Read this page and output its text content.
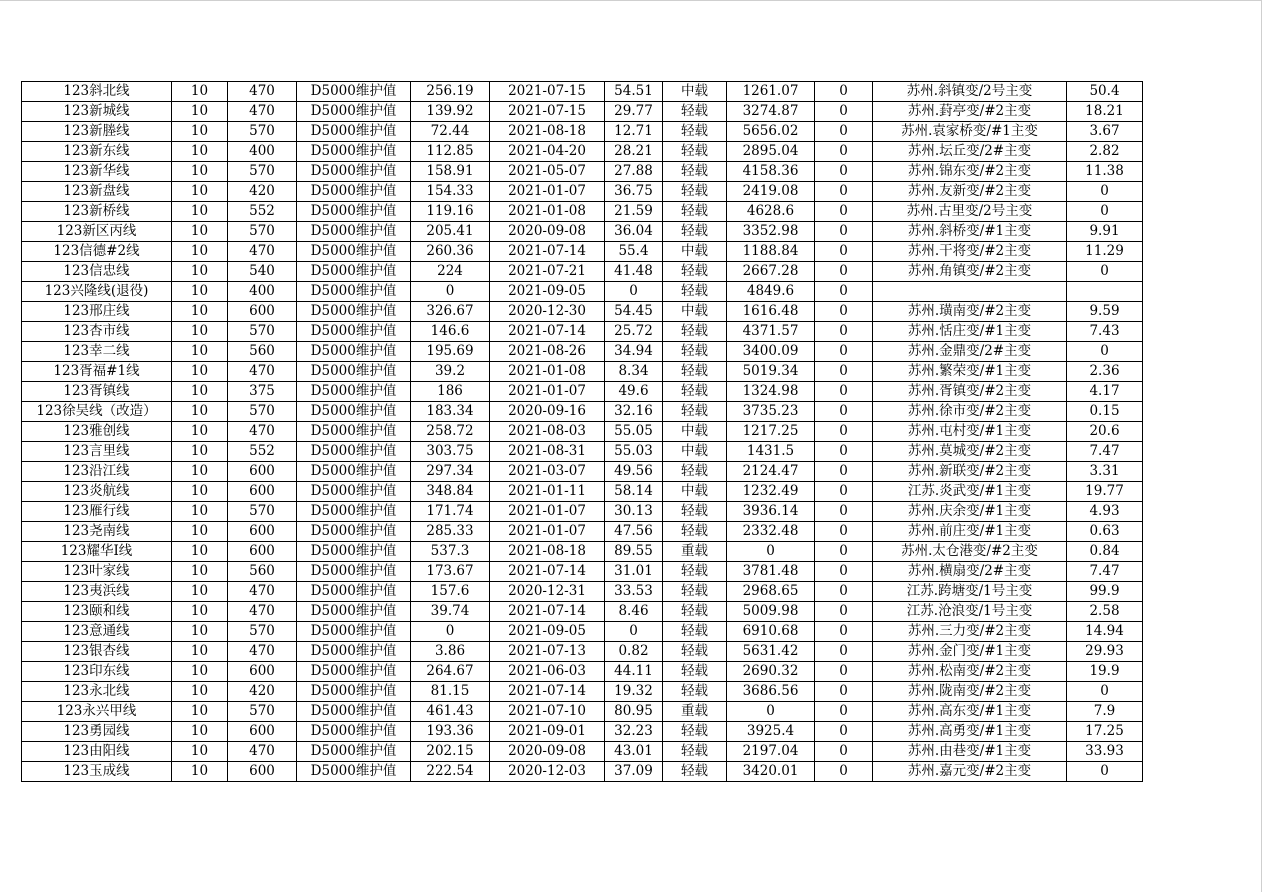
123斜北线	10	470	D5000维护值	256.19	2021-07-15	54.51	中载	1261.07	0	苏州.斜镇变/2号主变	50.4
123新城线	10	470	D5000维护值	139.92	2021-07-15	29.77	轻载	3274.87	0	苏州.葑亭变/#2主变	18.21
123新塍线	10	570	D5000维护值	72.44	2021-08-18	12.71	轻载	5656.02	0	苏州.袁家桥变/#1主变	3.67
123新东线	10	400	D5000维护值	112.85	2021-04-20	28.21	轻载	2895.04	0	苏州.坛丘变/2#主变	2.82
123新华线	10	570	D5000维护值	158.91	2021-05-07	27.88	轻载	4158.36	0	苏州.锦东变/#2主变	11.38
123新盘线	10	420	D5000维护值	154.33	2021-01-07	36.75	轻载	2419.08	0	苏州.友新变/#2主变	0
123新桥线	10	552	D5000维护值	119.16	2021-01-08	21.59	轻载	4628.6	0	苏州.古里变/2号主变	0
123新区丙线	10	570	D5000维护值	205.41	2020-09-08	36.04	轻载	3352.98	0	苏州.斜桥变/#1主变	9.91
123信德#2线	10	470	D5000维护值	260.36	2021-07-14	55.4	中载	1188.84	0	苏州.干将变/#2主变	11.29
123信忠线	10	540	D5000维护值	224	2021-07-21	41.48	轻载	2667.28	0	苏州.角镇变/#2主变	0
123兴隆线(退役)	10	400	D5000维护值	0	2021-09-05	0	轻载	4849.6	0		
123邢庄线	10	600	D5000维护值	326.67	2020-12-30	54.45	中载	1616.48	0	苏州.璜南变/#2主变	9.59
123杏市线	10	570	D5000维护值	146.6	2021-07-14	25.72	轻载	4371.57	0	苏州.恬庄变/#1主变	7.43
123幸二线	10	560	D5000维护值	195.69	2021-08-26	34.94	轻载	3400.09	0	苏州.金鼎变/2#主变	0
123胥福#1线	10	470	D5000维护值	39.2	2021-01-08	8.34	轻载	5019.34	0	苏州.繁荣变/#1主变	2.36
123胥镇线	10	375	D5000维护值	186	2021-01-07	49.6	轻载	1324.98	0	苏州.胥镇变/#2主变	4.17
123徐吴线（改造）	10	570	D5000维护值	183.34	2020-09-16	32.16	轻载	3735.23	0	苏州.徐市变/#2主变	0.15
123雅创线	10	470	D5000维护值	258.72	2021-08-03	55.05	中载	1217.25	0	苏州.屯村变/#1主变	20.6
123言里线	10	552	D5000维护值	303.75	2021-08-31	55.03	中载	1431.5	0	苏州.莫城变/#2主变	7.47
123沿江线	10	600	D5000维护值	297.34	2021-03-07	49.56	轻载	2124.47	0	苏州.新联变/#2主变	3.31
123炎航线	10	600	D5000维护值	348.84	2021-01-11	58.14	中载	1232.49	0	江苏.炎武变/#1主变	19.77
123雁行线	10	570	D5000维护值	171.74	2021-01-07	30.13	轻载	3936.14	0	苏州.庆余变/#1主变	4.93
123尧南线	10	600	D5000维护值	285.33	2021-01-07	47.56	轻载	2332.48	0	苏州.前庄变/#1主变	0.63
123耀华I线	10	600	D5000维护值	537.3	2021-08-18	89.55	重载	0	0	苏州.太仓港变/#2主变	0.84
123叶家线	10	560	D5000维护值	173.67	2021-07-14	31.01	轻载	3781.48	0	苏州.横扇变/2#主变	7.47
123夷浜线	10	470	D5000维护值	157.6	2020-12-31	33.53	轻载	2968.65	0	江苏.跨塘变/1号主变	99.9
123颐和线	10	470	D5000维护值	39.74	2021-07-14	8.46	轻载	5009.98	0	江苏.沧浪变/1号主变	2.58
123意通线	10	570	D5000维护值	0	2021-09-05	0	轻载	6910.68	0	苏州.三力变/#2主变	14.94
123银杏线	10	470	D5000维护值	3.86	2021-07-13	0.82	轻载	5631.42	0	苏州.金门变/#1主变	29.93
123印东线	10	600	D5000维护值	264.67	2021-06-03	44.11	轻载	2690.32	0	苏州.松南变/#2主变	19.9
123永北线	10	420	D5000维护值	81.15	2021-07-14	19.32	轻载	3686.56	0	苏州.陇南变/#2主变	0
123永兴甲线	10	570	D5000维护值	461.43	2021-07-10	80.95	重载	0	0	苏州.高东变/#1主变	7.9
123勇园线	10	600	D5000维护值	193.36	2021-09-01	32.23	轻载	3925.4	0	苏州.高勇变/#1主变	17.25
123由阳线	10	470	D5000维护值	202.15	2020-09-08	43.01	轻载	2197.04	0	苏州.由巷变/#1主变	33.93
123玉成线	10	600	D5000维护值	222.54	2020-12-03	37.09	轻载	3420.01	0	苏州.嘉元变/#2主变	0
